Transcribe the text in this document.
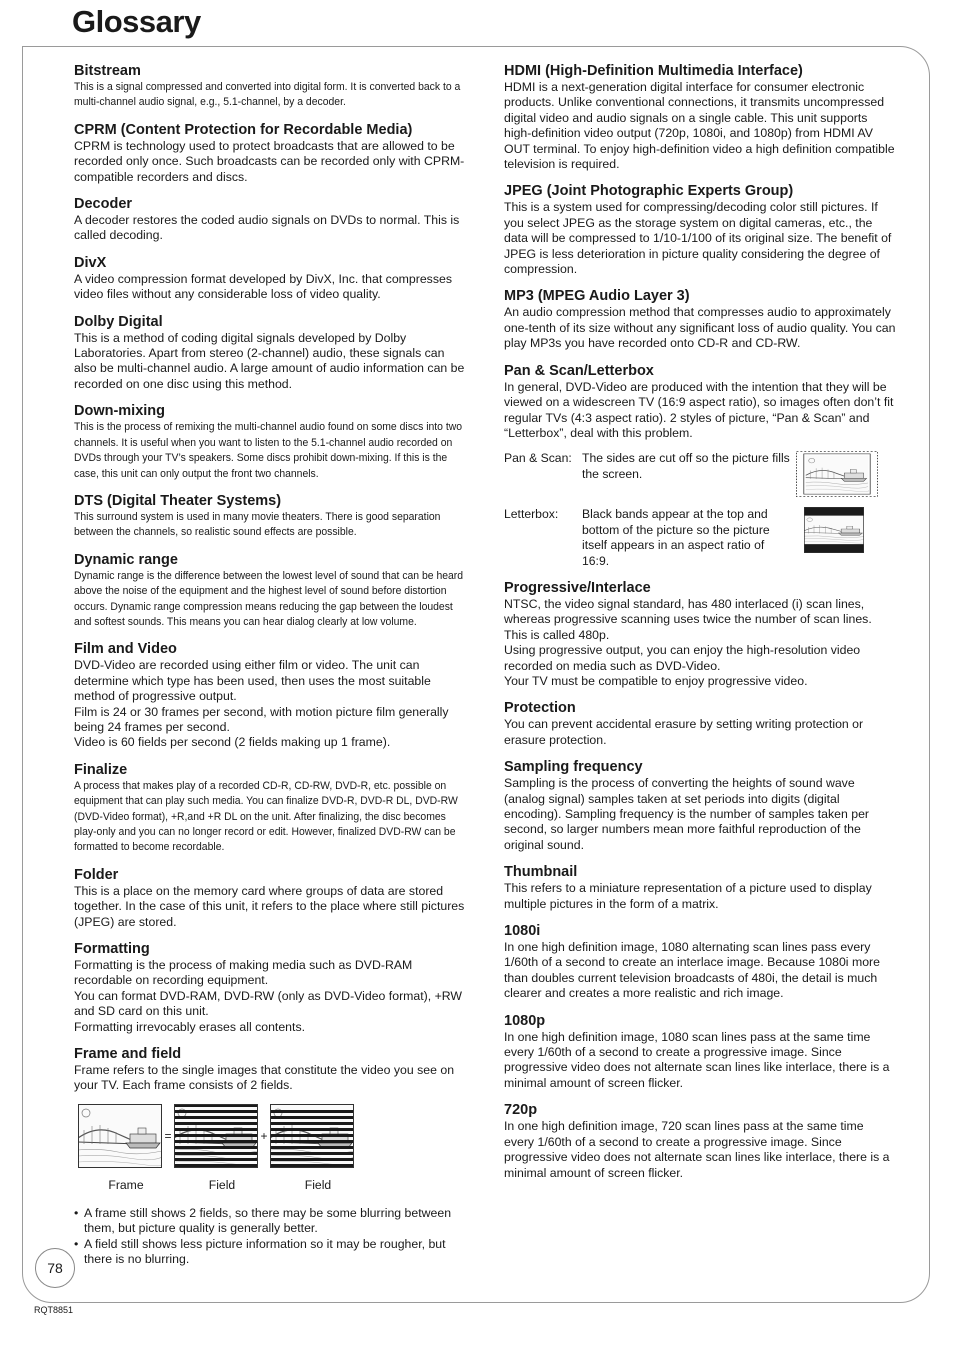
Glossary
Bitstream

This is a signal compressed and converted into digital form. It is converted back to a multi-channel audio signal, e.g., 5.1-channel, by a decoder.

CPRM (Content Protection for Recordable Media)

CPRM is technology used to protect broadcasts that are allowed to be recorded only once. Such broadcasts can be recorded only with CPRM-compatible recorders and discs.

Decoder

A decoder restores the coded audio signals on DVDs to normal. This is called decoding.

DivX

A video compression format developed by DivX, Inc. that compresses video files without any considerable loss of video quality.

Dolby Digital

This is a method of coding digital signals developed by Dolby Laboratories. Apart from stereo (2-channel) audio, these signals can also be multi-channel audio. A large amount of audio information can be recorded on one disc using this method.

Down-mixing

This is the process of remixing the multi-channel audio found on some discs into two channels. It is useful when you want to listen to the 5.1-channel audio recorded on DVDs through your TV’s speakers. Some discs prohibit down-mixing. If this is the case, this unit can only output the front two channels.

DTS (Digital Theater Systems)

This surround system is used in many movie theaters. There is good separation between the channels, so realistic sound effects are possible.

Dynamic range

Dynamic range is the difference between the lowest level of sound that can be heard above the noise of the equipment and the highest level of sound before distortion occurs. Dynamic range compression means reducing the gap between the loudest and softest sounds. This means you can hear dialog clearly at low volume.

Film and Video

DVD-Video are recorded using either film or video. The unit can determine which type has been used, then uses the most suitable method of progressive output.

Film is 24 or 30 frames per second, with motion picture film generally being 24 frames per second.

Video is 60 fields per second (2 fields making up 1 frame).

Finalize

A process that makes play of a recorded CD-R, CD-RW, DVD-R, etc. possible on equipment that can play such media. You can finalize DVD-R, DVD-R DL, DVD-RW (DVD-Video format), +R,and +R DL on the unit. After finalizing, the disc becomes play-only and you can no longer record or edit. However, finalized DVD-RW can be formatted to become recordable.

Folder

This is a place on the memory card where groups of data are stored together. In the case of this unit, it refers to the place where still pictures (JPEG) are stored.

Formatting

Formatting is the process of making media such as DVD-RAM recordable on recording equipment.

You can format DVD-RAM, DVD-RW (only as DVD-Video format), +RW and SD card on this unit.

Formatting irrevocably erases all contents.

Frame and field

Frame refers to the single images that constitute the video you see on your TV. Each frame consists of 2 fields.

=	+
Frame	Field	Field
• A frame still shows 2 fields, so there may be some blurring between them, but picture quality is generally better.
• A field still shows less picture information so it may be rougher, but there is no blurring.
HDMI (High-Definition Multimedia Interface)

HDMI is a next-generation digital interface for consumer electronic products. Unlike conventional connections, it transmits uncompressed digital video and audio signals on a single cable. This unit supports high-definition video output (720p, 1080i, and 1080p) from HDMI AV OUT terminal. To enjoy high-definition video a high definition compatible television is required.

JPEG (Joint Photographic Experts Group)

This is a system used for compressing/decoding color still pictures. If you select JPEG as the storage system on digital cameras, etc., the data will be compressed to 1/10-1/100 of its original size. The benefit of JPEG is less deterioration in picture quality considering the degree of compression.

MP3 (MPEG Audio Layer 3)

An audio compression method that compresses audio to approximately one-tenth of its size without any significant loss of audio quality. You can play MP3s you have recorded onto CD-R and CD-RW.

Pan & Scan/Letterbox

In general, DVD-Video are produced with the intention that they will be viewed on a widescreen TV (16:9 aspect ratio), so images often don’t fit regular TVs (4:3 aspect ratio). 2 styles of picture, “Pan & Scan” and “Letterbox”, deal with this problem.

Pan & Scan: The sides are cut off so the picture fills the screen.
Letterbox:	Black bands appear at the top and bottom of the picture so the picture itself appears in an aspect ratio of 16:9.
Progressive/Interlace

NTSC, the video signal standard, has 480 interlaced (i) scan lines, whereas progressive scanning uses twice the number of scan lines. This is called 480p.

Using progressive output, you can enjoy the high-resolution video recorded on media such as DVD-Video.

Your TV must be compatible to enjoy progressive video.

Protection

You can prevent accidental erasure by setting writing protection or erasure protection.

Sampling frequency

Sampling is the process of converting the heights of sound wave (analog signal) samples taken at set periods into digits (digital encoding). Sampling frequency is the number of samples taken per second, so larger numbers mean more faithful reproduction of the original sound.

Thumbnail

This refers to a miniature representation of a picture used to display multiple pictures in the form of a matrix.

1080i

In one high definition image, 1080 alternating scan lines pass every 1/60th of a second to create an interlace image. Because 1080i more than doubles current television broadcasts of 480i, the detail is much clearer and creates a more realistic and rich image.

1080p

In one high definition image, 1080 scan lines pass at the same time every 1/60th of a second to create a progressive image. Since progressive video does not alternate scan lines like interlace, there is a minimal amount of screen flicker.

720p

In one high definition image, 720 scan lines pass at the same time every 1/60th of a second to create a progressive image. Since progressive video does not alternate scan lines like interlace, there is a minimal amount of screen flicker.

78
RQT8851
